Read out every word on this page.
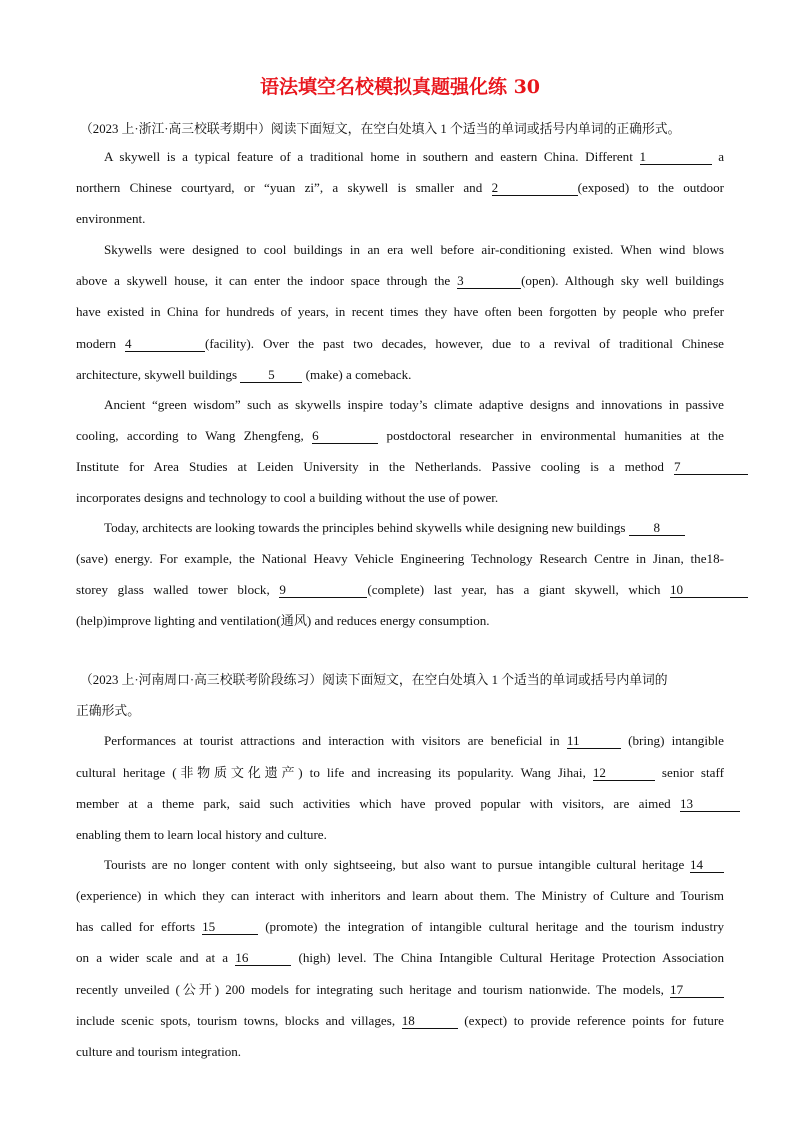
语法填空名校模拟真题强化练 30
（2023 上·浙江·高三校联考期中）阅读下面短文，在空白处填入 1 个适当的单词或括号内单词的正确形式。
A skywell is a typical feature of a traditional home in southern and eastern China. Different 1	a
northern Chinese courtyard, or “yuan zi”, a skywell is smaller and 2	(exposed) to the outdoor
environment.
Skywells were designed to cool buildings in an era well before air-conditioning existed. When wind blows
above a skywell house, it can enter the indoor space through the 3	(open). Although sky well buildings
have existed in China for hundreds of years, in recent times they have often been forgotten by people who prefer
modern 4	(facility). Over the past two decades, however, due to a revival of traditional Chinese
architecture, skywell buildings 5 (make) a comeback.
Ancient “green wisdom” such as skywells inspire today’s climate adaptive designs and innovations in passive
cooling, according to Wang Zhengfeng, 6	postdoctoral researcher in environmental humanities at the
Institute for Area Studies at Leiden University in the Netherlands. Passive cooling is a method 7
incorporates designs and technology to cool a building without the use of power.
Today, architects are looking towards the principles behind skywells while designing new buildings 8
(save) energy. For example, the National Heavy Vehicle Engineering Technology Research Centre in Jinan, the18-
storey glass walled tower block, 9	(complete) last year, has a giant skywell, which 10
(help)improve lighting and ventilation(通风) and reduces energy consumption.
（2023 上·河南周口·高三校联考阶段练习）阅读下面短文，在空白处填入 1 个适当的单词或括号内单词的
正确形式。
Performances at tourist attractions and interaction with visitors are beneficial in 11	(bring) intangible
cultural heritage (非物质文化遗产) to life and increasing its popularity. Wang Jihai, 12	senior staff
member at a theme park, said such activities which have proved popular with visitors, are aimed 13
enabling them to learn local history and culture.
Tourists are no longer content with only sightseeing, but also want to pursue intangible cultural heritage 14
(experience) in which they can interact with inheritors and learn about them. The Ministry of Culture and Tourism
has called for efforts 15	(promote) the integration of intangible cultural heritage and the tourism industry
on a wider scale and at a 16	(high) level. The China Intangible Cultural Heritage Protection Association
recently unveiled (公开) 200 models for integrating such heritage and tourism nationwide. The models, 17
include scenic spots, tourism towns, blocks and villages, 18	(expect) to provide reference points for future
culture and tourism integration.
